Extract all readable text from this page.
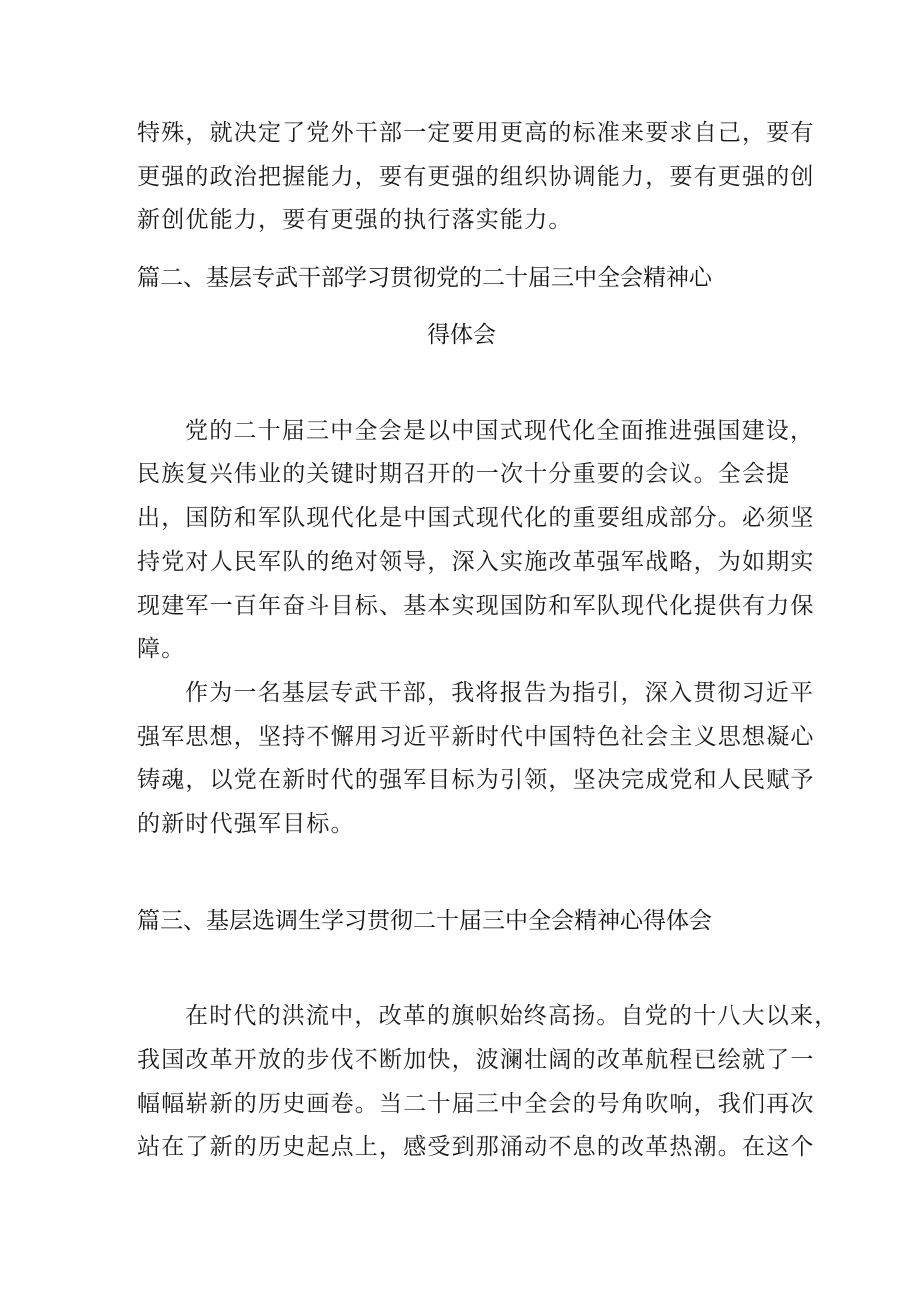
特殊，就决定了党外干部一定要用更高的标准来要求自己，要有
更强的政治把握能力，要有更强的组织协调能力，要有更强的创
新创优能力，要有更强的执行落实能力。
篇二、基层专武干部学习贯彻党的二十届三中全会精神心
得体会
党的二十届三中全会是以中国式现代化全面推进强国建设，
民族复兴伟业的关键时期召开的一次十分重要的会议。全会提
出，国防和军队现代化是中国式现代化的重要组成部分。必须坚
持党对人民军队的绝对领导，深入实施改革强军战略，为如期实
现建军一百年奋斗目标、基本实现国防和军队现代化提供有力保
障。
作为一名基层专武干部，我将报告为指引，深入贯彻习近平
强军思想，坚持不懈用习近平新时代中国特色社会主义思想凝心
铸魂，以党在新时代的强军目标为引领，坚决完成党和人民赋予
的新时代强军目标。
篇三、基层选调生学习贯彻二十届三中全会精神心得体会
在时代的洪流中，改革的旗帜始终高扬。自党的十八大以来，
我国改革开放的步伐不断加快，波澜壮阔的改革航程已绘就了一
幅幅崭新的历史画卷。当二十届三中全会的号角吹响，我们再次
站在了新的历史起点上，感受到那涌动不息的改革热潮。在这个
